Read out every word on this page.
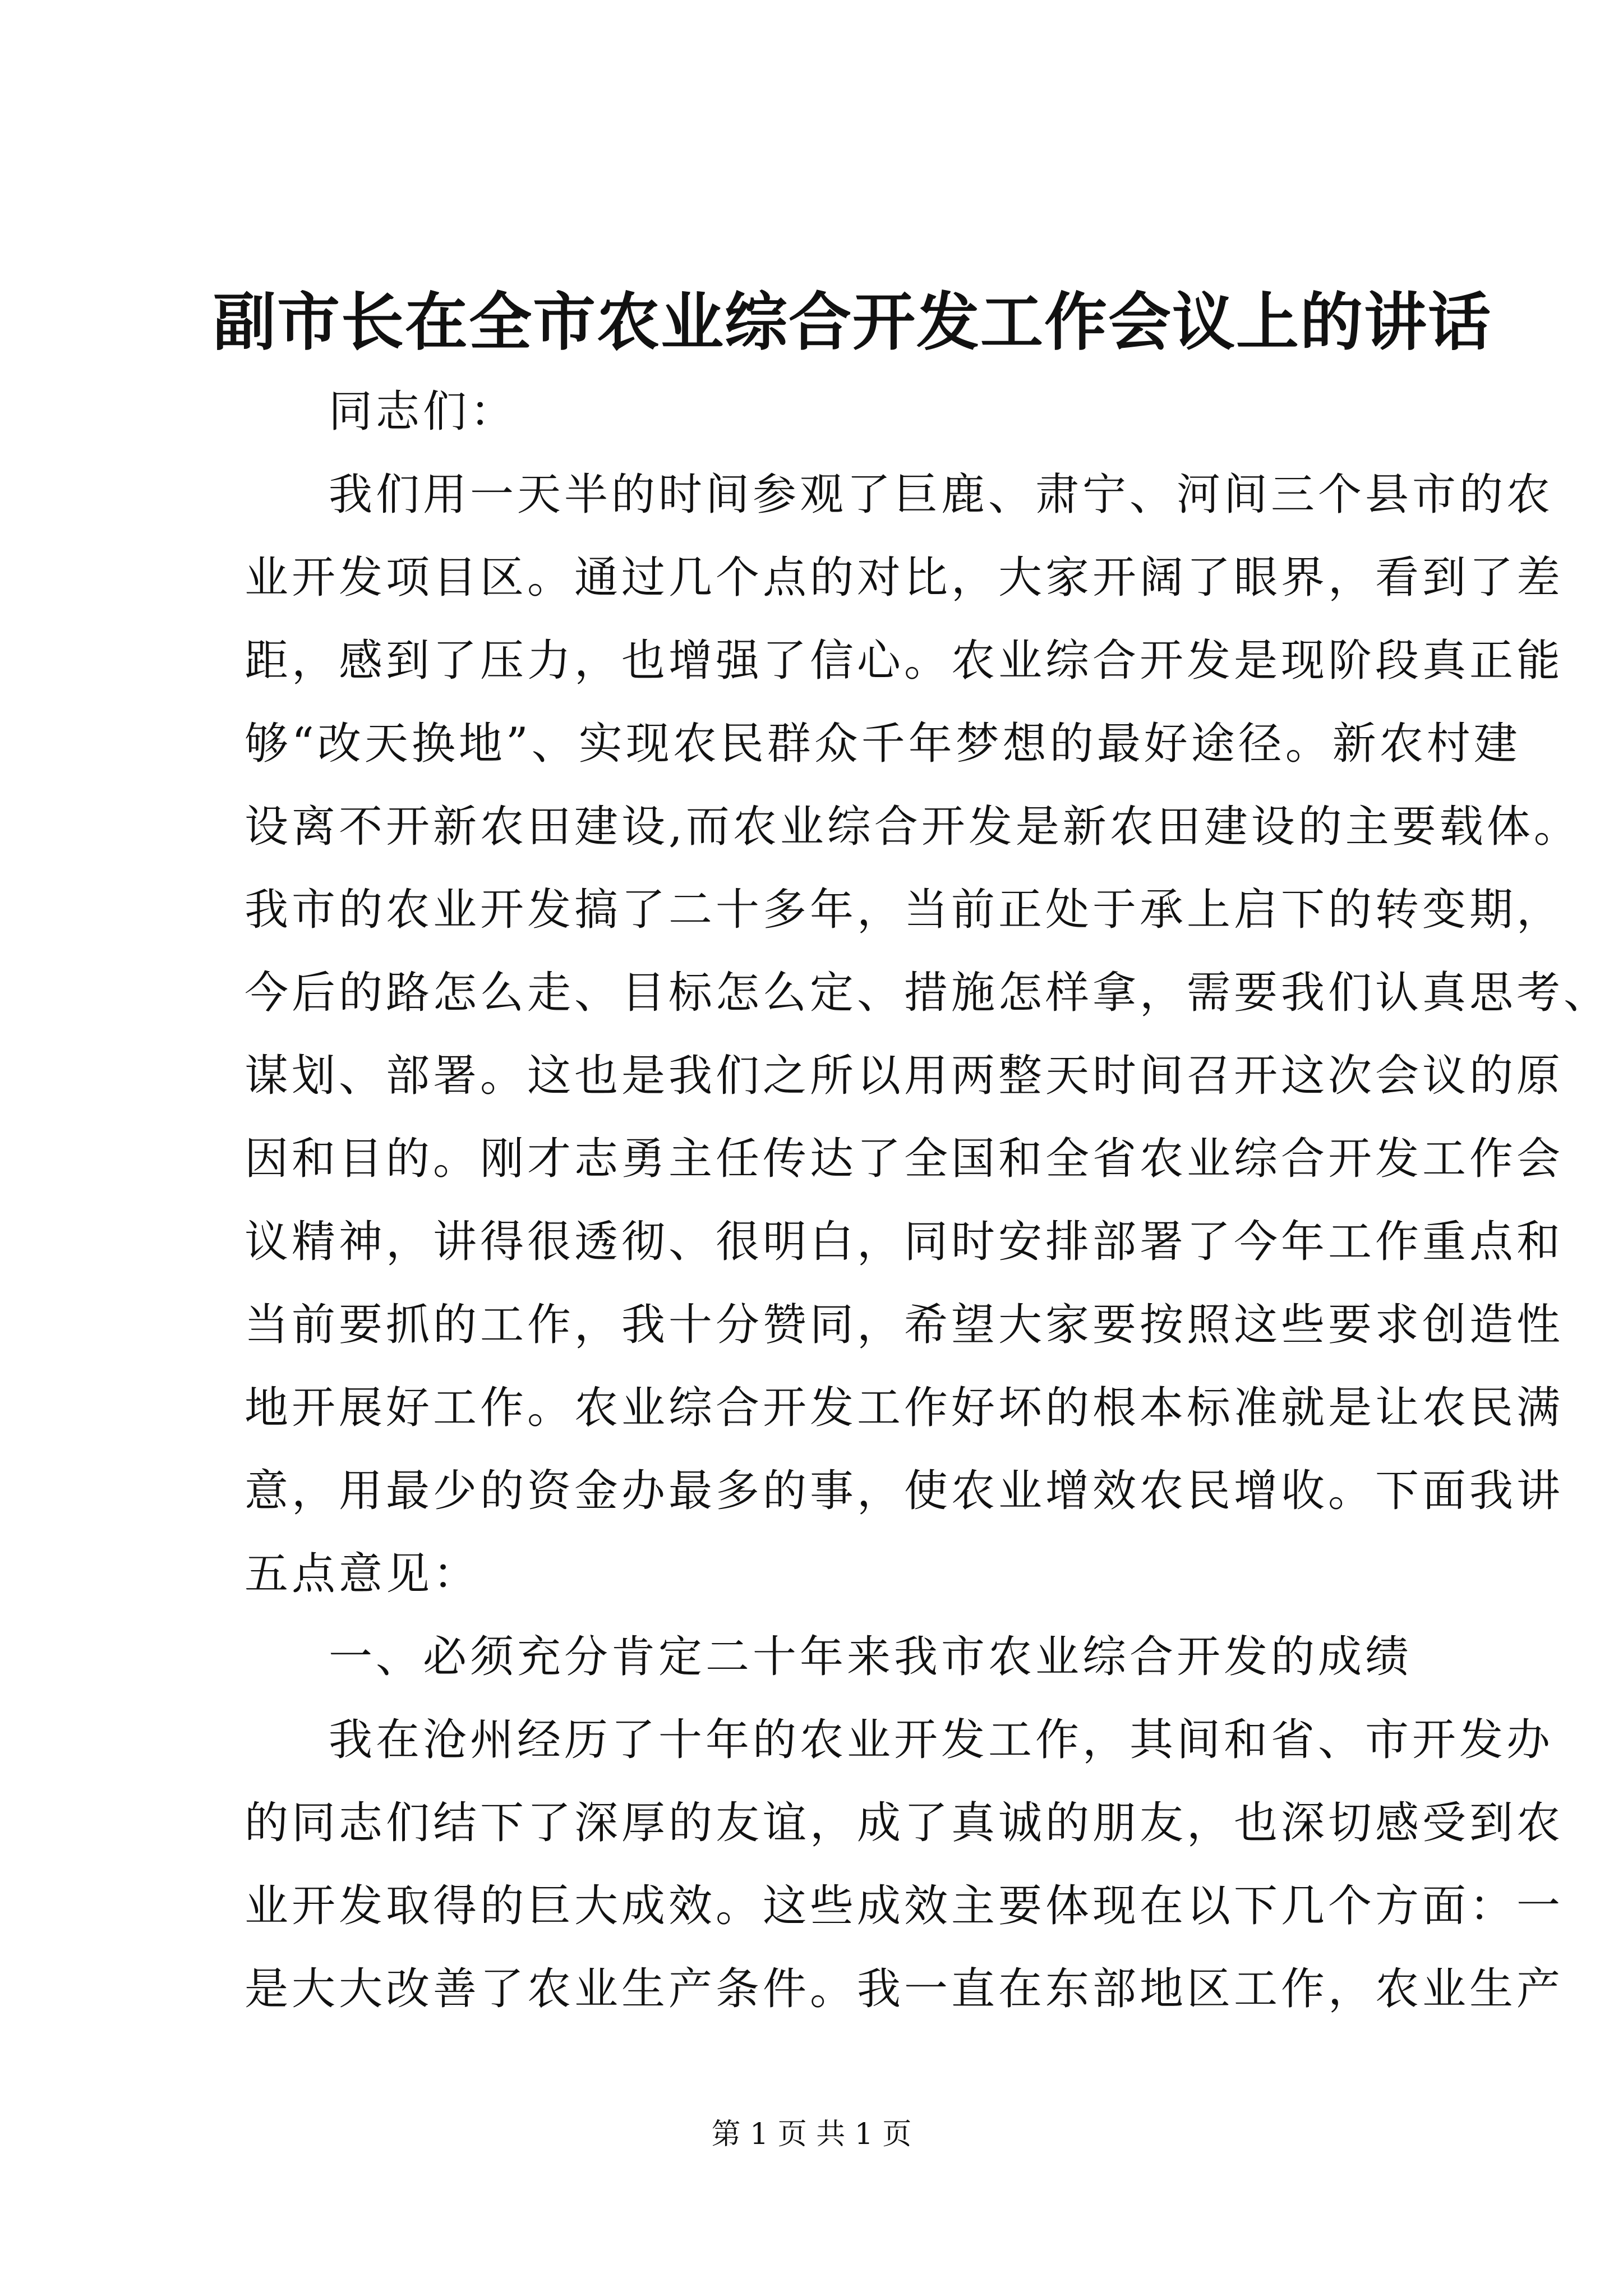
副市长在全市农业综合开发工作会议上的讲话
同志们：
我们用一天半的时间参观了巨鹿、肃宁、河间三个县市的农
业开发项目区。通过几个点的对比，大家开阔了眼界，看到了差
距，感到了压力，也增强了信心。农业综合开发是现阶段真正能
够“改天换地”、实现农民群众千年梦想的最好途径。新农村建
设离不开新农田建设,而农业综合开发是新农田建设的主要载体。
我市的农业开发搞了二十多年，当前正处于承上启下的转变期，
今后的路怎么走、目标怎么定、措施怎样拿，需要我们认真思考、
谋划、部署。这也是我们之所以用两整天时间召开这次会议的原
因和目的。刚才志勇主任传达了全国和全省农业综合开发工作会
议精神，讲得很透彻、很明白，同时安排部署了今年工作重点和
当前要抓的工作，我十分赞同，希望大家要按照这些要求创造性
地开展好工作。农业综合开发工作好坏的根本标准就是让农民满
意，用最少的资金办最多的事，使农业增效农民增收。下面我讲
五点意见：
一、必须充分肯定二十年来我市农业综合开发的成绩
我在沧州经历了十年的农业开发工作，其间和省、市开发办
的同志们结下了深厚的友谊，成了真诚的朋友，也深切感受到农
业开发取得的巨大成效。这些成效主要体现在以下几个方面：一
是大大改善了农业生产条件。我一直在东部地区工作，农业生产
第 1 页 共 1 页
